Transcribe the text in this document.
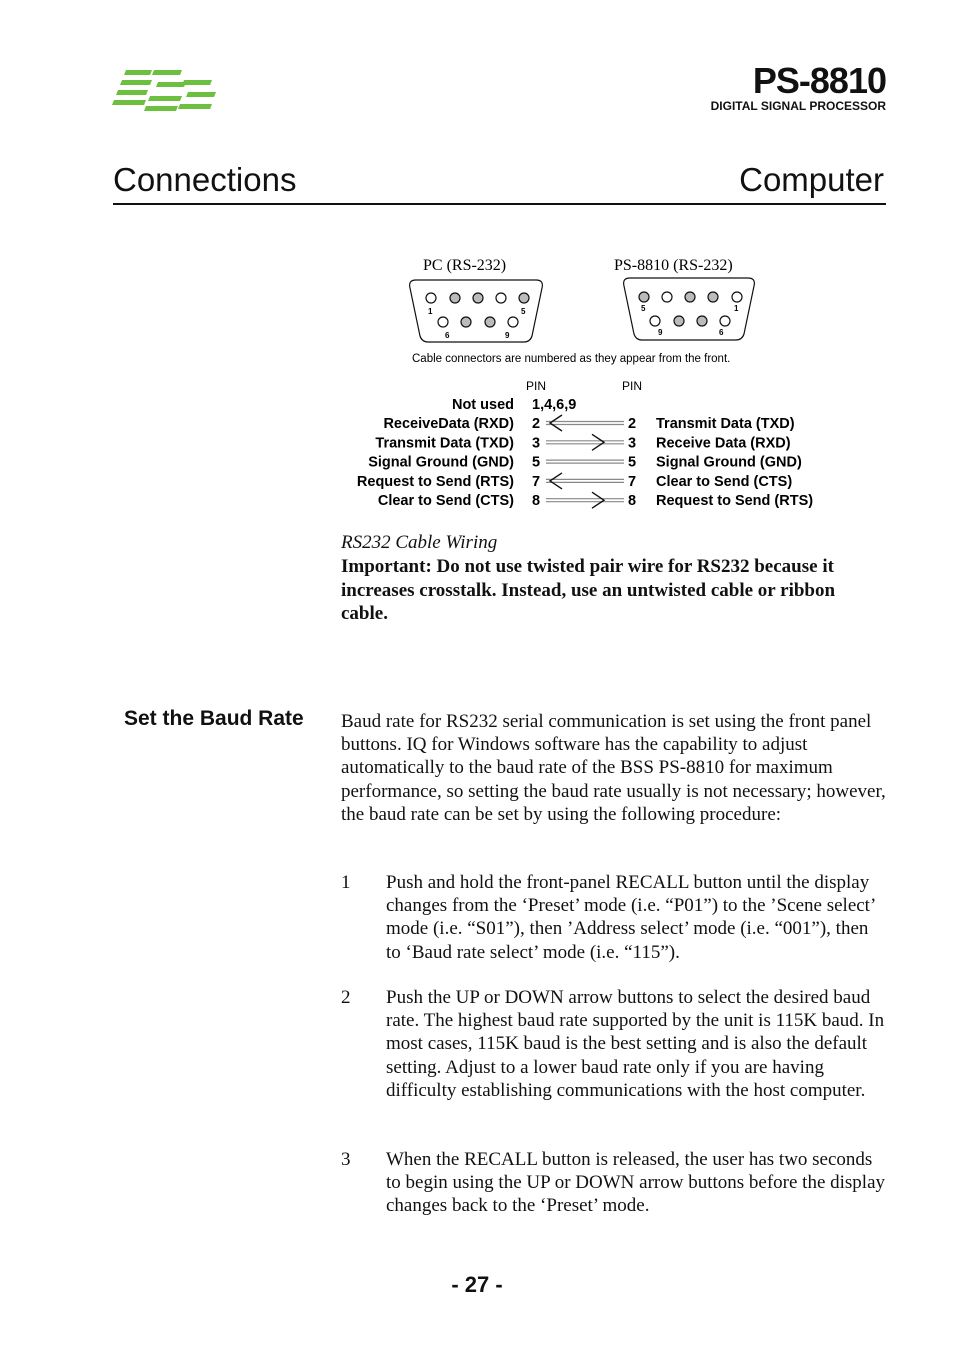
PS-8810
DIGITAL SIGNAL PROCESSOR
Connections	Computer
PC (RS-232)	PS-8810 (RS-232)
1	5
6	9
5	1
9	6
Cable connectors are numbered as they appear from the front.
PIN	PIN
Not used 1,4,6,9
ReceiveData (RXD) 2	2 Transmit Data (TXD)
Transmit Data (TXD) 3	3 Receive Data (RXD)
Signal Ground (GND) 5	5 Signal Ground (GND)
Request to Send (RTS) 7	7 Clear to Send (CTS)
Clear to Send (CTS) 8	8 Request to Send (RTS)
RS232 Cable Wiring
Important: Do not use twisted pair wire for RS232 because it increases crosstalk. Instead, use an untwisted cable or ribbon cable.
Set the Baud Rate Baud rate for RS232 serial communication is set using the front panel buttons. IQ for Windows software has the capability to adjust automatically to the baud rate of the BSS PS-8810 for maximum performance, so setting the baud rate usually is not necessary; however, the baud rate can be set by using the following procedure:
1	Push and hold the front-panel RECALL button until the display changes from the ‘Preset’ mode (i.e. “P01”) to the ’Scene select’ mode (i.e. “S01”), then ’Address select’ mode (i.e. “001”), then to ‘Baud rate select’ mode (i.e. “115”).
2	Push the UP or DOWN arrow buttons to select the desired baud rate. The highest baud rate supported by the unit is 115K baud. In most cases, 115K baud is the best setting and is also the default setting. Adjust to a lower baud rate only if you are having difficulty establishing communications with the host computer.
3	When the RECALL button is released, the user has two seconds to begin using the UP or DOWN arrow buttons before the display changes back to the ‘Preset’ mode.
- 27 -
